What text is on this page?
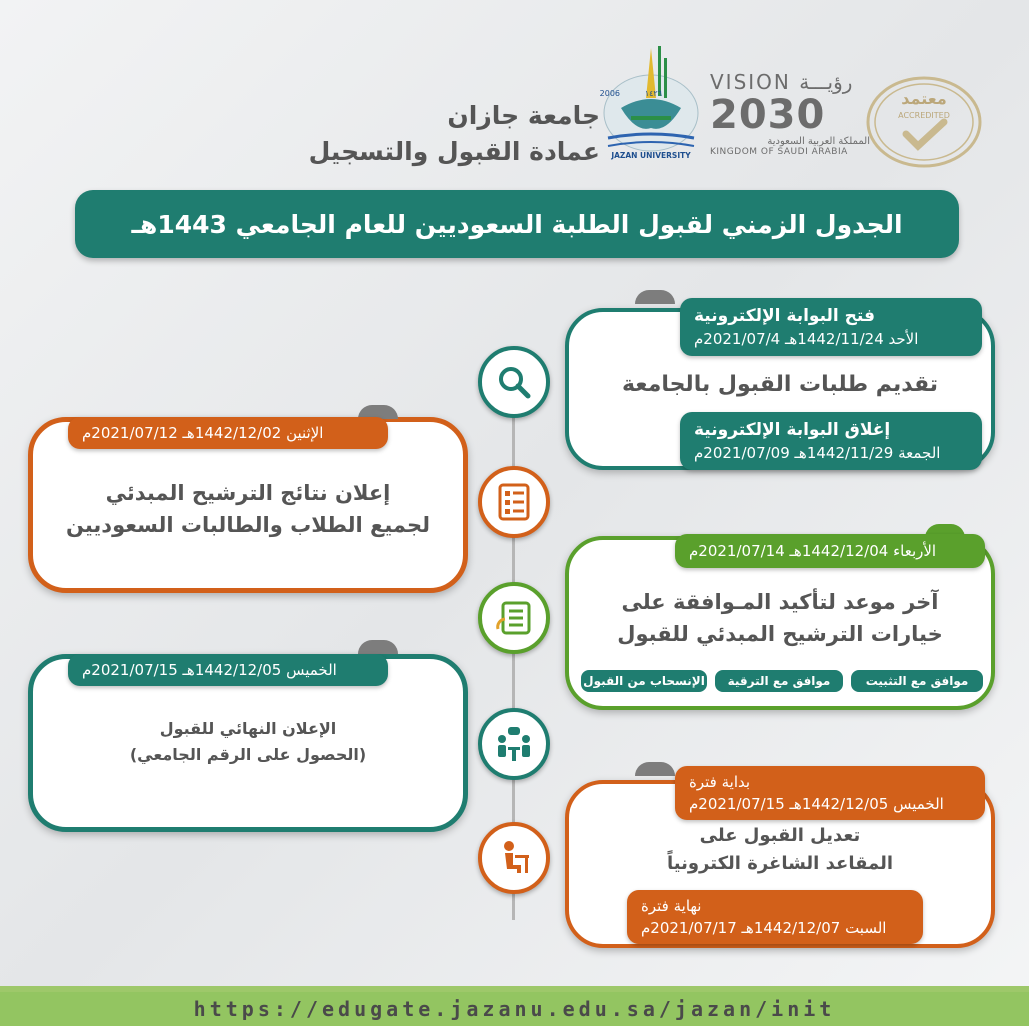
جامعة جازان
عمادة القبول والتسجيل
2006	١٤٢٦
JAZAN UNIVERSITY
VISION رؤيـــة
2030
المملكة العربية السعودية
KINGDOM OF SAUDI ARABIA
معتمد
ACCREDITED
الجدول الزمني لقبول الطلبة السعوديين للعام الجامعي 1443هـ
فتح البوابة الإلكترونية
الأحد 1442/11/24هـ 2021/07/4م
تقديم طلبات القبول بالجامعة
إغلاق البوابة الإلكترونية
الجمعة 1442/11/29هـ 2021/07/09م
الإثنين 1442/12/02هـ 2021/07/12م
إعلان نتائج الترشيح المبدئي
لجميع الطلاب والطالبات السعوديين
الأربعاء 1442/12/04هـ 2021/07/14م
آخر موعد لتأكيد المـوافقة على
خيارات الترشيح المبدئي للقبول
موافق مع التثبيت
موافق مع الترقية
الإنسحاب من القبول
الخميس 1442/12/05هـ 2021/07/15م
الإعلان النهائي للقبول
(الحصول على الرقم الجامعي)
بداية فترة
الخميس 1442/12/05هـ 2021/07/15م
تعديل القبول على
المقاعد الشاغرة الكترونياً
نهاية فترة
السبت 1442/12/07هـ 2021/07/17م
https://edugate.jazanu.edu.sa/jazan/init
